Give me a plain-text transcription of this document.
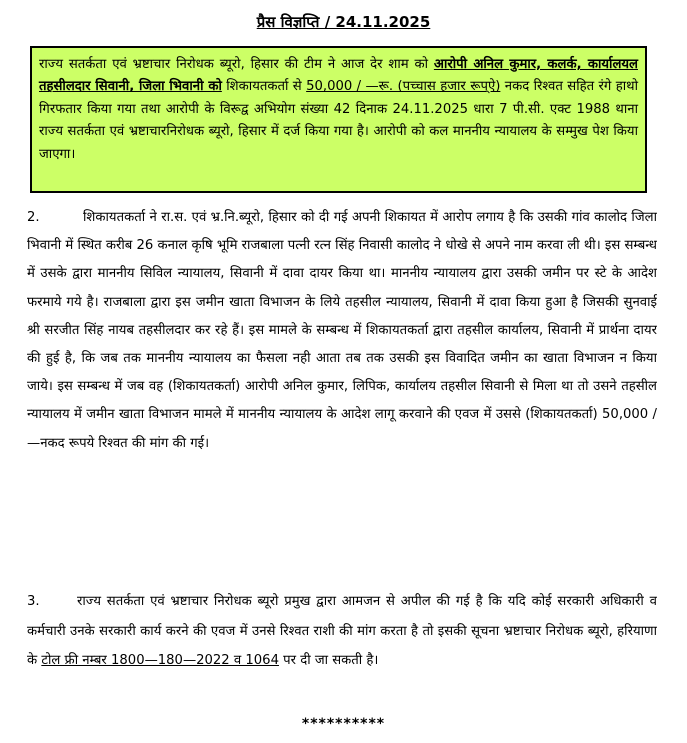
प्रैस विज्ञप्ति / 24.11.2025
राज्य सतर्कता एवं भ्रष्टाचार निरोधक ब्यूरो, हिसार की टीम ने आज देर शाम को आरोपी अनिल कुमार, कलर्क, कार्यालयल तहसीलदार सिवानी, जिला भिवानी को शिकायतकर्ता से 50,000 / —रू. (पच्चास हजार रूप्ऐ) नकद रिश्वत सहित रंगे हाथो गिरफतार किया गया तथा आरोपी के विरूद्व अभियोग संख्या 42 दिनाक 24.11.2025 धारा 7 पी.सी. एक्ट 1988 थाना राज्य सतर्कता एवं भ्रष्टाचारनिरोधक ब्यूरो, हिसार में दर्ज किया गया है। आरोपी को कल माननीय न्यायालय के सम्मुख पेश किया जाएगा।
2.	शिकायतकर्ता ने रा.स. एवं भ्र.नि.ब्यूरो, हिसार को दी गई अपनी शिकायत में आरोप लगाय है कि उसकी गांव कालोद जिला भिवानी में स्थित करीब 26 कनाल कृषि भूमि राजबाला पत्नी रत्न सिंह निवासी कालोद ने धोखे से अपने नाम करवा ली थी। इस सम्बन्ध में उसके द्वारा माननीय सिविल न्यायालय, सिवानी में दावा दायर किया था। माननीय न्यायालय द्वारा उसकी जमीन पर स्टे के आदेश फरमाये गये है। राजबाला द्वारा इस जमीन खाता विभाजन के लिये तहसील न्यायालय, सिवानी में दावा किया हुआ है जिसकी सुनवाई श्री सरजीत सिंह नायब तहसीलदार कर रहे हैं। इस मामले के सम्बन्ध में शिकायतकर्ता द्वारा तहसील कार्यालय, सिवानी में प्रार्थना दायर की हुई है, कि जब तक माननीय न्यायालय का फैसला नही आता तब तक उसकी इस विवादित जमीन का खाता विभाजन न किया जाये। इस सम्बन्ध में जब वह (शिकायतकर्ता) आरोपी अनिल कुमार, लिपिक, कार्यालय तहसील सिवानी से मिला था तो उसने तहसील न्यायालय में जमीन खाता विभाजन मामले में माननीय न्यायालय के आदेश लागू करवाने की एवज में उससे (शिकायतकर्ता) 50,000 / —नकद रूपये रिश्वत की मांग की गई।
3.	राज्य सतर्कता एवं भ्रष्टाचार निरोधक ब्यूरो प्रमुख द्वारा आमजन से अपील की गई है कि यदि कोई सरकारी अधिकारी व कर्मचारी उनके सरकारी कार्य करने की एवज में उनसे रिश्वत राशी की मांग करता है तो इसकी सूचना भ्रष्टाचार निरोधक ब्यूरो, हरियाणा के टोल फ्री नम्बर 1800—180—2022 व 1064 पर दी जा सकती है।
**********
